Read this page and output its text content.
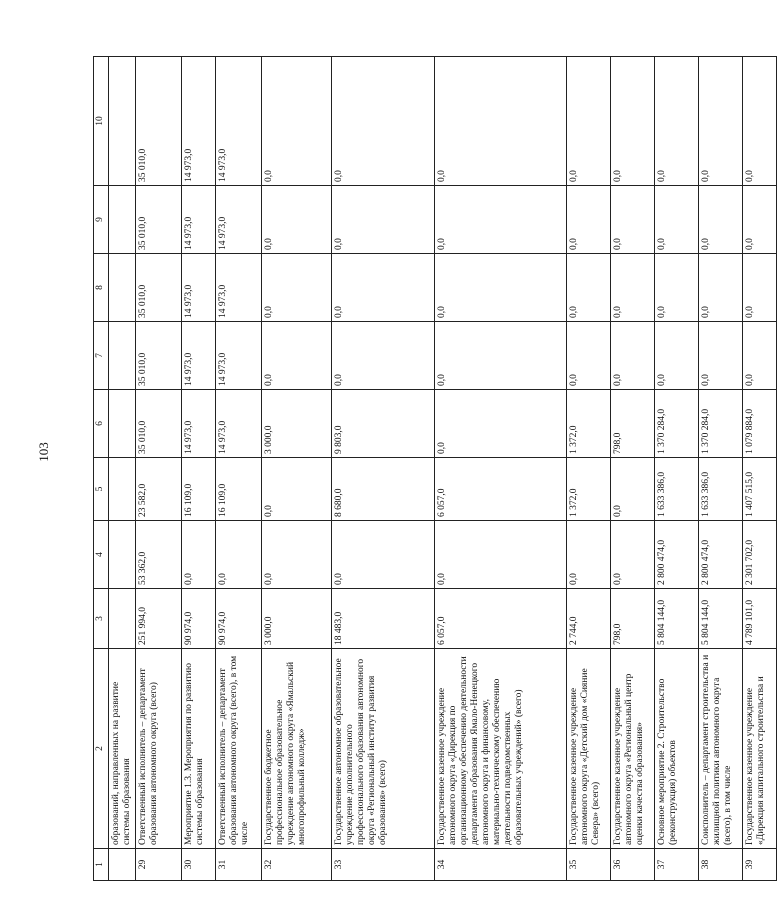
103
1	2	3	4	5	6	7	8	9	10
	образований, направленных на развитие системы образования								
29	Ответственный исполнитель – департамент образования автономного округа (всего)	251 994,0	53 362,0	23 582,0	35 010,0	35 010,0	35 010,0	35 010,0	35 010,0
30	Мероприятие 1.3. Мероприятия по развитию системы образования	90 974,0	0,0	16 109,0	14 973,0	14 973,0	14 973,0	14 973,0	14 973,0
31	Ответственный исполнитель – департамент образования автономного округа (всего), в том числе	90 974,0	0,0	16 109,0	14 973,0	14 973,0	14 973,0	14 973,0	14 973,0
32	Государственное бюджетное профессиональное образовательное учреждение автономного округа «Ямальский многопрофильный колледж»	3 000,0	0,0	0,0	3 000,0	0,0	0,0	0,0	0,0
33	Государственное автономное образовательное учреждение дополнительного профессионального образования автономного округа «Региональный институт развития образования» (всего)	18 483,0	0,0	8 680,0	9 803,0	0,0	0,0	0,0	0,0
34	Государственное казенное учреждение автономного округа «Дирекция по организационному обеспечению деятельности департамента образования Ямало-Ненецкого автономного округа и финансовому, материально-техническому обеспечению деятельности подведомственных образовательных учреждений» (всего)	6 057,0	0,0	6 057,0	0,0	0,0	0,0	0,0	0,0
35	Государственное казенное учреждение автономного округа «Детский дом «Сияние Севера» (всего)	2 744,0	0,0	1 372,0	1 372,0	0,0	0,0	0,0	0,0
36	Государственное казенное учреждение автономного округа «Региональный центр оценки качества образования»	798,0	0,0	0,0	798,0	0,0	0,0	0,0	0,0
37	Основное мероприятие 2. Строительство (реконструкция) объектов	5 804 144,0	2 800 474,0	1 633 386,0	1 370 284,0	0,0	0,0	0,0	0,0
38	Соисполнитель – департамент строительства и жилищной политики автономного округа (всего), в том числе	5 804 144,0	2 800 474,0	1 633 386,0	1 370 284,0	0,0	0,0	0,0	0,0
39	Государственное казенное учреждение «Дирекция капитального строительства и	4 789 101,0	2 301 702,0	1 407 515,0	1 079 884,0	0,0	0,0	0,0	0,0
